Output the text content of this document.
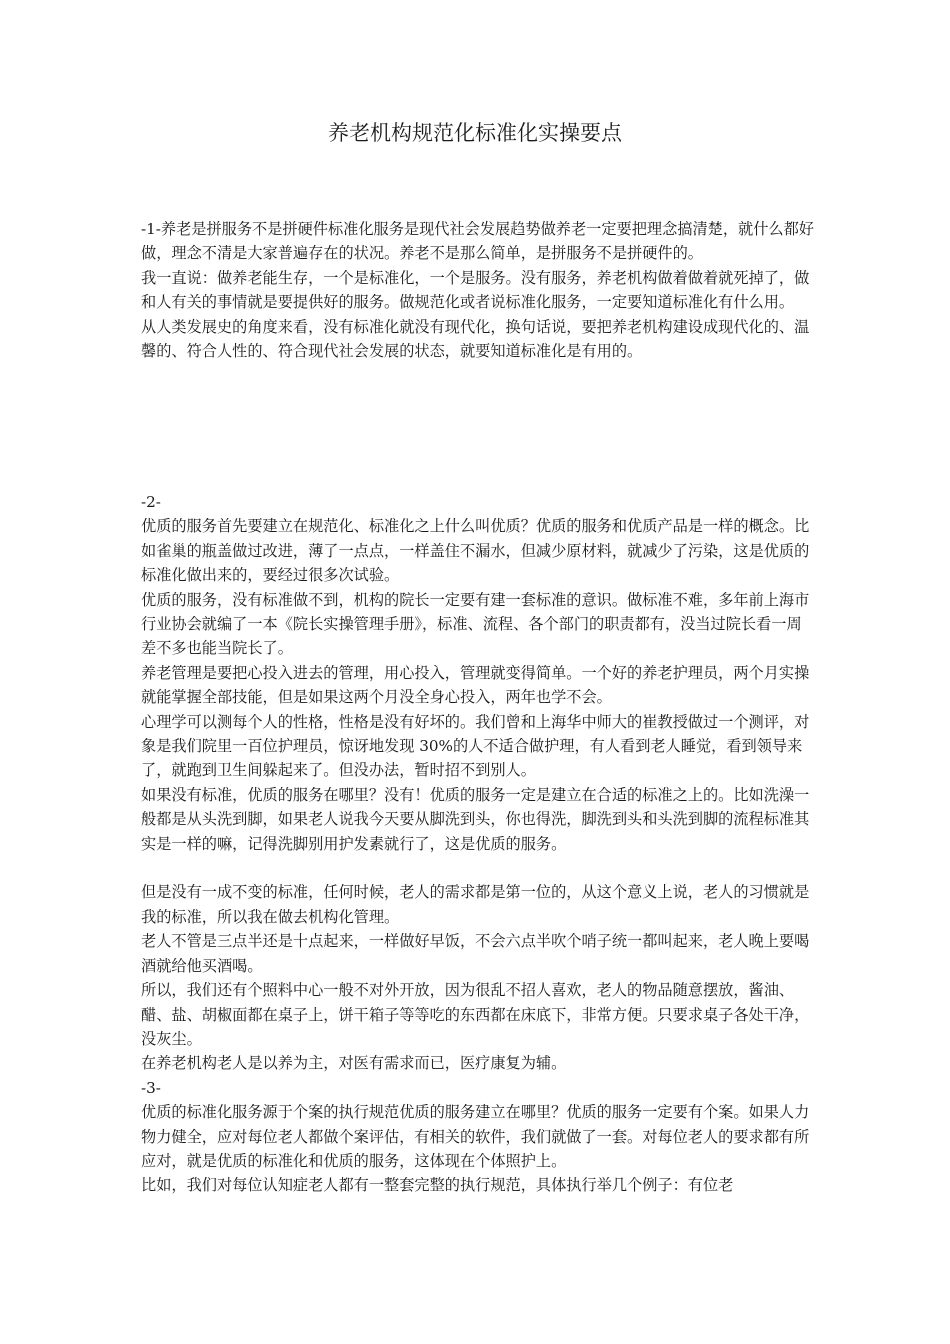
养老机构规范化标准化实操要点

-1-养老是拼服务不是拼硬件标准化服务是现代社会发展趋势做养老一定要把理念搞清楚，就什么都好做，理念不清是大家普遍存在的状况。养老不是那么简单，是拼服务不是拼硬件的。

我一直说：做养老能生存，一个是标准化，一个是服务。没有服务，养老机构做着做着就死掉了，做和人有关的事情就是要提供好的服务。做规范化或者说标准化服务，一定要知道标准化有什么用。

从人类发展史的角度来看，没有标准化就没有现代化，换句话说，要把养老机构建设成现代化的、温馨的、符合人性的、符合现代社会发展的状态，就要知道标准化是有用的。

-2-

优质的服务首先要建立在规范化、标准化之上什么叫优质？优质的服务和优质产品是一样的概念。比如雀巢的瓶盖做过改进，薄了一点点，一样盖住不漏水，但减少原材料，就减少了污染，这是优质的标准化做出来的，要经过很多次试验。

优质的服务，没有标准做不到，机构的院长一定要有建一套标准的意识。做标准不难，多年前上海市行业协会就编了一本《院长实操管理手册》，标准、流程、各个部门的职责都有，没当过院长看一周差不多也能当院长了。

养老管理是要把心投入进去的管理，用心投入，管理就变得简单。一个好的养老护理员，两个月实操就能掌握全部技能，但是如果这两个月没全身心投入，两年也学不会。

心理学可以测每个人的性格，性格是没有好坏的。我们曾和上海华中师大的崔教授做过一个测评，对象是我们院里一百位护理员，惊讶地发现 30%的人不适合做护理，有人看到老人睡觉，看到领导来了，就跑到卫生间躲起来了。但没办法，暂时招不到别人。

如果没有标准，优质的服务在哪里？没有！优质的服务一定是建立在合适的标准之上的。比如洗澡一般都是从头洗到脚，如果老人说我今天要从脚洗到头，你也得洗，脚洗到头和头洗到脚的流程标准其实是一样的嘛，记得洗脚别用护发素就行了，这是优质的服务。

但是没有一成不变的标准，任何时候，老人的需求都是第一位的，从这个意义上说，老人的习惯就是我的标准，所以我在做去机构化管理。

老人不管是三点半还是十点起来，一样做好早饭，不会六点半吹个哨子统一都叫起来，老人晚上要喝酒就给他买酒喝。

所以，我们还有个照料中心一般不对外开放，因为很乱不招人喜欢，老人的物品随意摆放，酱油、醋、盐、胡椒面都在桌子上，饼干箱子等等吃的东西都在床底下，非常方便。只要求桌子各处干净，没灰尘。

在养老机构老人是以养为主，对医有需求而已，医疗康复为辅。

-3-

优质的标准化服务源于个案的执行规范优质的服务建立在哪里？优质的服务一定要有个案。如果人力物力健全，应对每位老人都做个案评估，有相关的软件，我们就做了一套。对每位老人的要求都有所应对，就是优质的标准化和优质的服务，这体现在个体照护上。

比如，我们对每位认知症老人都有一整套完整的执行规范，具体执行举几个例子：有位老
